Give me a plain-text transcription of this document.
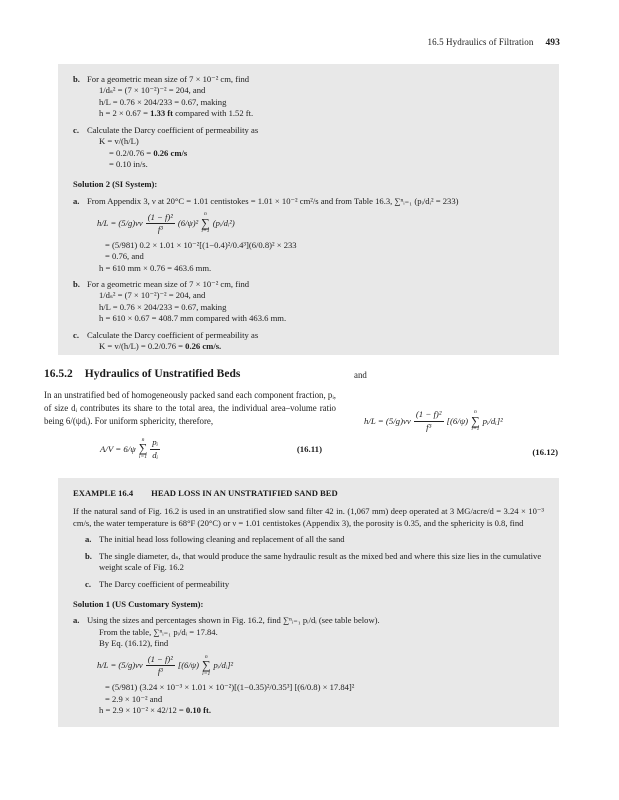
16.5 Hydraulics of Filtration 493
b. For a geometric mean size of 7 × 10⁻² cm, find
1/dₛ² = (7 × 10⁻²)⁻² = 204, and
h/L = 0.76 × 204/233 = 0.67, making
h = 2 × 0.67 = 1.33 ft compared with 1.52 ft.
c. Calculate the Darcy coefficient of permeability as
K = v/(h/L)
= 0.2/0.76 = 0.26 cm/s
= 0.10 in/s.
Solution 2 (SI System):
a. From Appendix 3, ν at 20°C = 1.01 centistokes = 1.01 × 10⁻² cm²/s and from Table 16.3, ∑ⁿᵢ₌₁ (pᵢ/dᵢ² = 233)
$h/L = (5/g)\nu v \frac{\text{(1 − f)²}}{\text{f³}} (6/\psi)^2$
n
∑
i=1
(pᵢ/dᵢ²)
= (5/981) 0.2 × 1.01 × 10⁻²[(1−0.4)²/0.4³](6/0.8)² × 233
= 0.76, and
h = 610 mm × 0.76 = 463.6 mm.
b. For a geometric mean size of 7 × 10⁻² cm, find
1/dₛ² = (7 × 10⁻²)⁻² = 204, and
h/L = 0.76 × 204/233 = 0.67, making
h = 610 × 0.67 = 408.7 mm compared with 463.6 mm.
c. Calculate the Darcy coefficient of permeability as
K = v/(h/L) = 0.2/0.76 = 0.26 cm/s.
16.5.2 Hydraulics of Unstratified Beds

In an unstratified bed of homogeneously packed sand each component fraction, pᵢ, of size dᵢ contributes its share to the total area, the individual area–volume ratio being 6/(ψdᵢ). For uniform sphericity, therefore,

A/V = 6/ψ
n
∑
$i=1 \frac{\text{pᵢ}}{\text{dᵢ}}$	(16.11)
and
$h/L = (5/g)\nu v \frac{\text{(1 − f)²}}{\text{f³}} [(6/\psi)$
n
∑
i=1
pᵢ/dᵢ]²
(16.12)
EXAMPLE 16.4 HEAD LOSS IN AN UNSTRATIFIED SAND BED
If the natural sand of Fig. 16.2 is used in an unstratified slow sand filter 42 in. (1,067 mm) deep operated at 3 MG/acre/d = 3.24 × 10⁻³ cm/s, the water temperature is 68°F (20°C) or ν = 1.01 centistokes (Appendix 3), the porosity is 0.35, and the sphericity is 0.8, find
a. The initial head loss following cleaning and replacement of all the sand
b. The single diameter, dₛ, that would produce the same hydraulic result as the mixed bed and where this size lies in the cumulative weight scale of Fig. 16.2
c. The Darcy coefficient of permeability
Solution 1 (US Customary System):
a. Using the sizes and percentages shown in Fig. 16.2, find ∑ⁿᵢ₌₁ pᵢ/dᵢ (see table below).
From the table, ∑ⁿᵢ₌₁ pᵢ/dᵢ = 17.84.
By Eq. (16.12), find
$h/L = (5/g)\nu v \frac{\text{(1 − f)²}}{\text{f³}} [(6/\psi)$
n
∑
i=1
pᵢ/dᵢ]²
= (5/981) (3.24 × 10⁻³ × 1.01 × 10⁻²)[(1−0.35)²/0.35³] [(6/0.8) × 17.84]²
= 2.9 × 10⁻² and
h = 2.9 × 10⁻² × 42/12 = 0.10 ft.
